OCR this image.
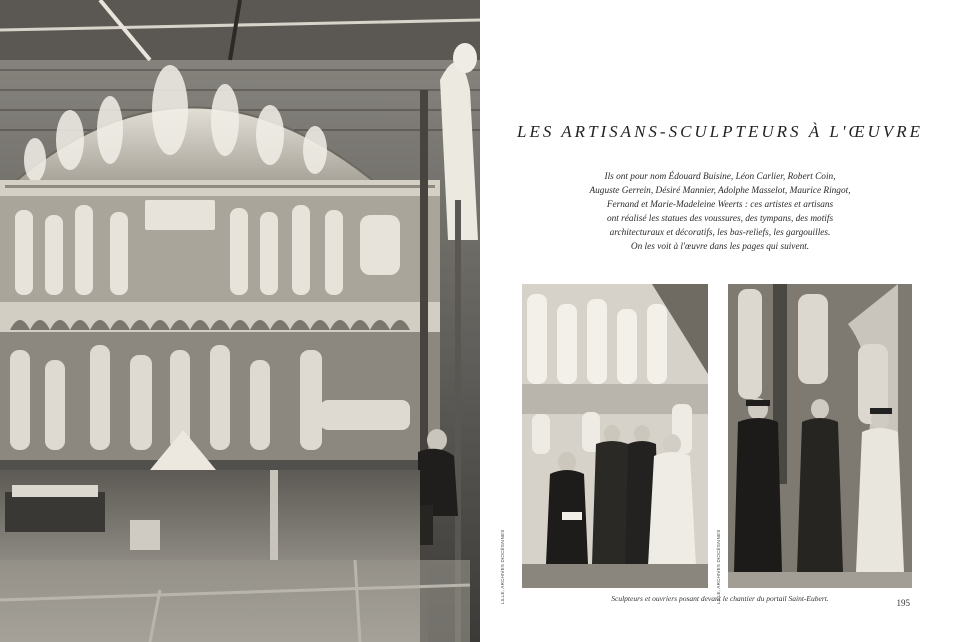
LES ARTISANS-SCULPTEURS À L'ŒUVRE
Ils ont pour nom Édouard Buisine, Léon Carlier, Robert Coin,
Auguste Gerrein, Désiré Mannier, Adolphe Masselot, Maurice Ringot,
Fernand et Marie-Madeleine Weerts : ces artistes et artisans
ont réalisé les statues des voussures, des tympans, des motifs
architecturaux et décoratifs, les bas-reliefs, les gargouilles.
On les voit à l'œuvre dans les pages qui suivent.
Sculpteurs et ouvriers posant devant le chantier du portail Saint-Eubert.	195
LILLE, ARCHIVES DIOCÉSAINES	LILLE, ARCHIVES DIOCÉSAINES
